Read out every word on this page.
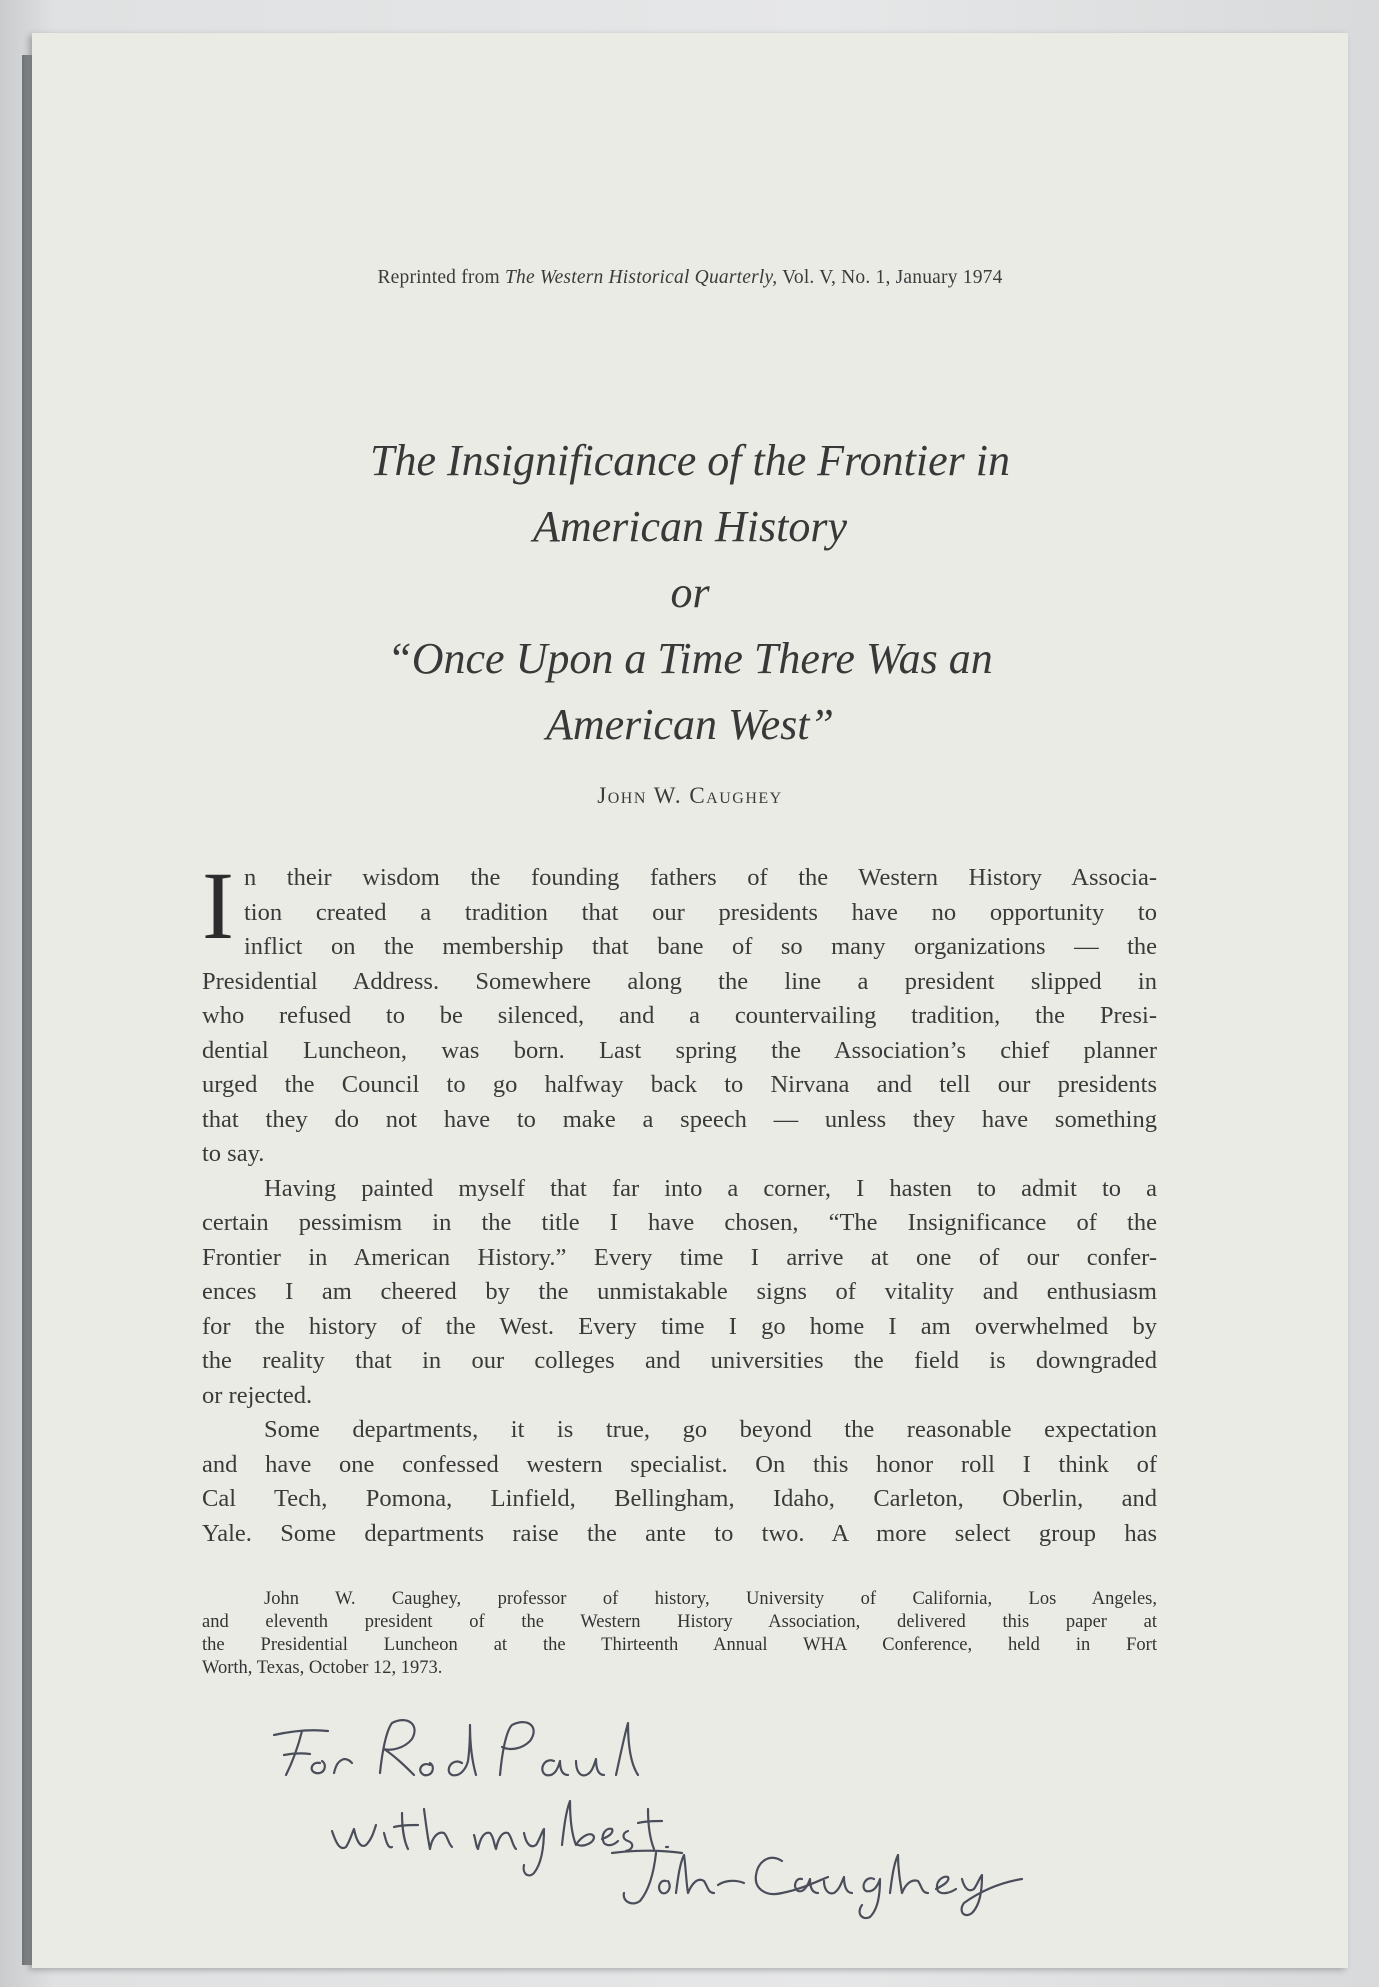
Reprinted from The Western Historical Quarterly, Vol. V, No. 1, January 1974
The Insignificance of the Frontier in
American History
or
“Once Upon a Time There Was an
American West”
John W. Caughey
I n their wisdom the founding fathers of the Western History Associa-
tion created a tradition that our presidents have no opportunity to
inflict on the membership that bane of so many organizations — the
Presidential Address. Somewhere along the line a president slipped in
who refused to be silenced, and a countervailing tradition, the Presi-
dential Luncheon, was born. Last spring the Association’s chief planner
urged the Council to go halfway back to Nirvana and tell our presidents
that they do not have to make a speech — unless they have something
to say.
Having painted myself that far into a corner, I hasten to admit to a
certain pessimism in the title I have chosen, “The Insignificance of the
Frontier in American History.” Every time I arrive at one of our confer-
ences I am cheered by the unmistakable signs of vitality and enthusiasm
for the history of the West. Every time I go home I am overwhelmed by
the reality that in our colleges and universities the field is downgraded
or rejected.
Some departments, it is true, go beyond the reasonable expectation
and have one confessed western specialist. On this honor roll I think of
Cal Tech, Pomona, Linfield, Bellingham, Idaho, Carleton, Oberlin, and
Yale. Some departments raise the ante to two. A more select group has
John W. Caughey, professor of history, University of California, Los Angeles,
and eleventh president of the Western History Association, delivered this paper at
the Presidential Luncheon at the Thirteenth Annual WHA Conference, held in Fort
Worth, Texas, October 12, 1973.
